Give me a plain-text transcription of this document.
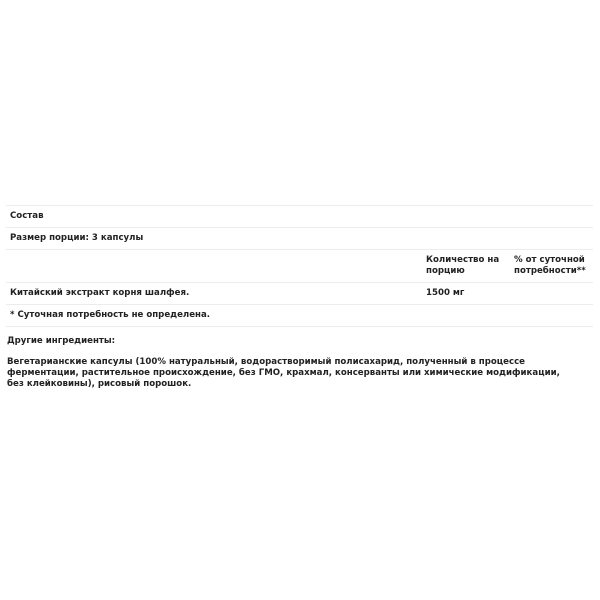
Состав		
Размер порции: 3 капсулы		
	Количество на порцию	% от суточной потребности**
Китайский экстракт корня шалфея.	1500 мг	
* Суточная потребность не определена.		
Другие ингредиенты:
Вегетарианские капсулы (100% натуральный, водорастворимый полисахарид, полученный в процессе ферментации, растительное происхождение, без ГМО, крахмал, консерванты или химические модификации, без клейковины), рисовый порошок.
